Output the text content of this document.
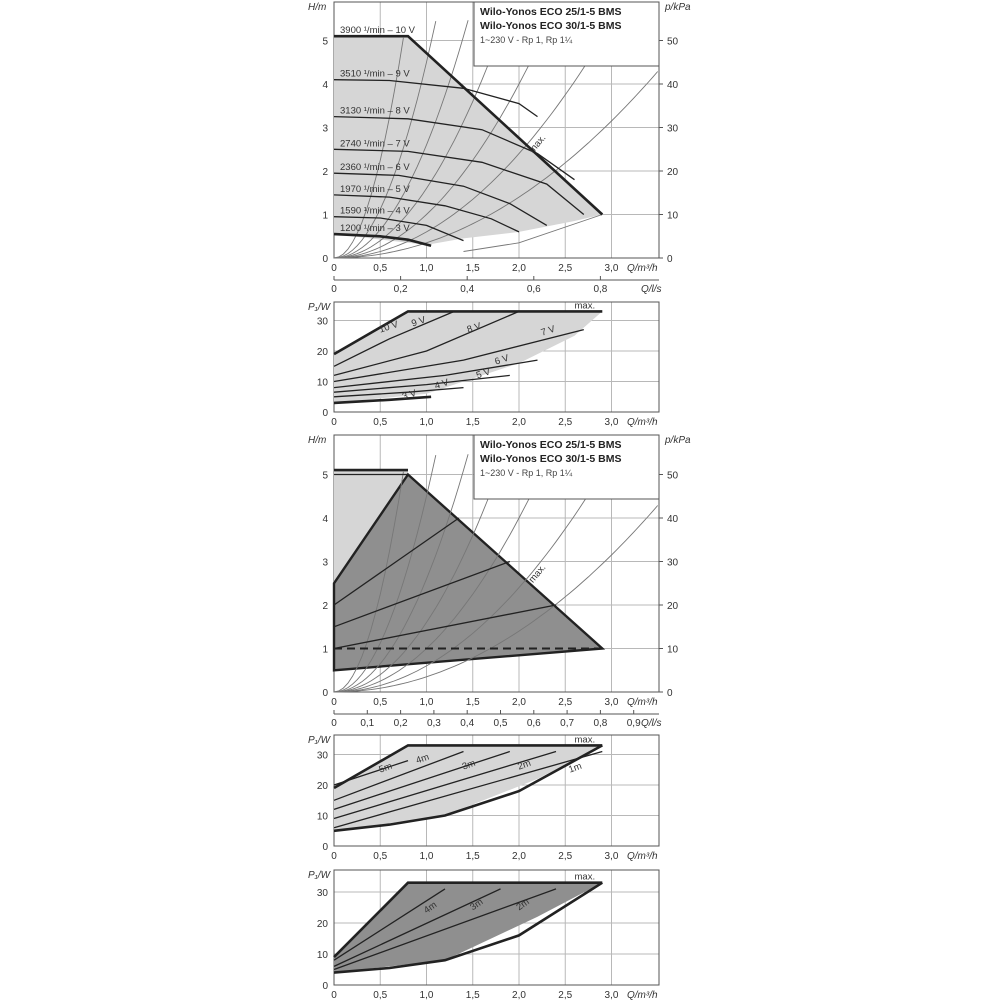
0	0,5	1,0	1,5	2,0	2,5	3,0 Q/m³/h
0
1
2
3
4
5
H/m
0
10
20
30
40
50
p/kPa
0	0,2	0,4	0,6	0,8	Q/l/s
3900 ¹/min – 10 V
3510 ¹/min – 9 V
3130 ¹/min – 8 V
2740 ¹/min – 7 V
2360 ¹/min – 6 V
1970 ¹/min – 5 V
1590 ¹/min – 4 V
1200 ¹/min – 3 V
max.
Wilo-Yonos ECO 25/1-5 BMS
Wilo-Yonos ECO 30/1-5 BMS
1~230 V - Rp 1, Rp 1¼
0	0,5	1,0	1,5	2,0	2,5	3,0 Q/m³/h
0
10
20
30
P₁/W
10 V 9 V	8 V	7 V
6 V
5 V
4 V
3 V
max.
0	0,5	1,0	1,5	2,0	2,5	3,0 Q/m³/h
0
1
2
3
4
5
H/m
0
10
20
30
40
50
p/kPa
0 0,1 0,2 0,3 0,4 0,5 0,6 0,7 0,8 0,9 Q/l/s
max.
Wilo-Yonos ECO 25/1-5 BMS
Wilo-Yonos ECO 30/1-5 BMS
1~230 V - Rp 1, Rp 1¼
0	0,5	1,0	1,5	2,0	2,5	3,0 Q/m³/h
0
10
20
30
P₁/W
5m
4m	3m	2m	1m
max.
0	0,5	1,0	1,5	2,0	2,5	3,0 Q/m³/h
0
10
20
30
P₁/W
4m	3m	2m
max.
